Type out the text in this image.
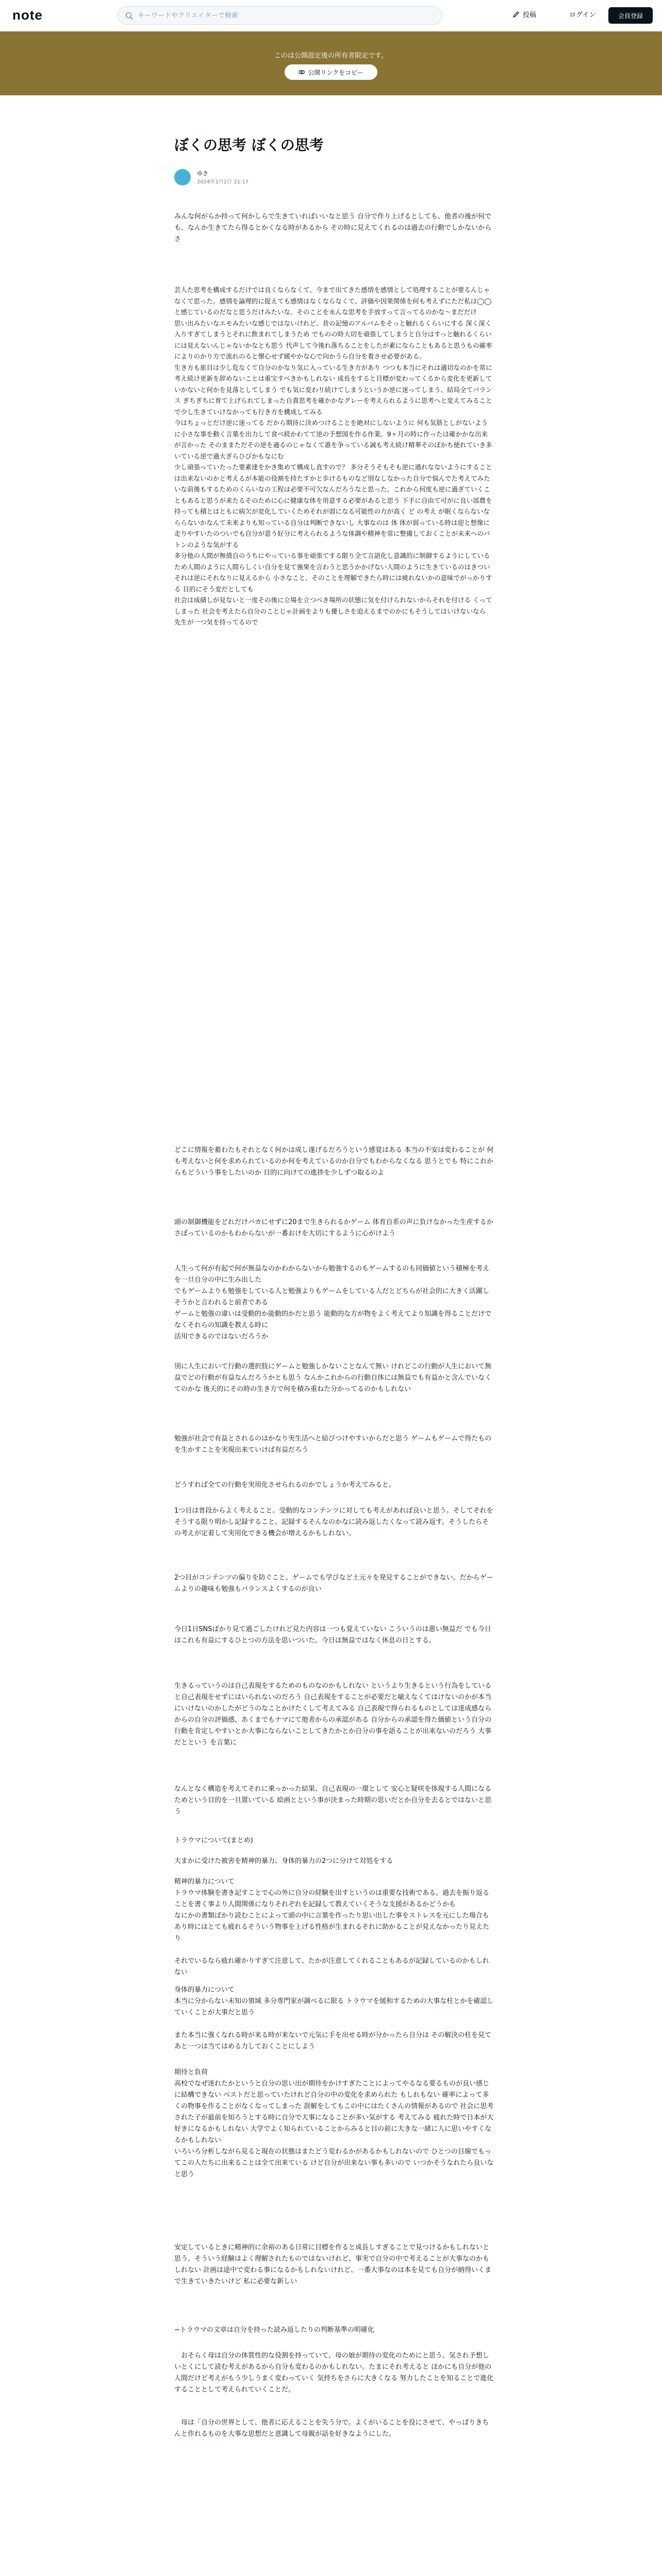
note
キーワードやクリエイターで検索	投稿	ログイン	会員登録
このは公開設定後の所有者限定です。
公開リンクをコピー
ぼくの思考 ぼくの思考
ゆき
2024年1月2日 21:17
みんな何がらか持って何かしらで生きていればいいなと思う 自分で作り上げるとしても、他者の後が何でも、なんか生きてたら得るとかくなる時があるから その時に見えてくれるのは過去の行動でしかないからさ
芸人た思考を構成するだけでは良くならなくて、今まで出てきた感情を感情として処理することが要るんじゃなくて思った。感情を論理的に捉えても感情はなくならなくて、評価や因果関係を何も考えずにただ私は◯◯と感じているのだなと思うだけみたいな。そのことを永んな思考を手放すって言ってるのかな〜まだだけ
思い出みたいなエモみたいな感じではないけれど、昔の記憶のアルバムをそっと触れるくらいにする 深く深く入りすぎてしまうとそれに飲まれてしまうため でものの時大切を頑張してしまうと自分はすっと触れるくらいには見えないんじゃないかなとも思う 代声して今後れ落ちることをしたが素にならこともあると思うもの確率によりのかり方で流れのると懐心せず緩やかな心で向かうら自分を着させ必要がある。
生き方も旅目は少し危なくて自分のかなり気に入っている生き方があり つつも本当にそれは適切なのかを常に考え続け更新を辞めないことは重宝すべきかもしれない 成長をすると目標が変わってくるから変化を更新していかないと何かを見落としてしまう でも気に変わり続けてしまうというか逆に迷ってしまう、結局全てバランス ぎちぎちに育て上げられてしまった自責思考を確かかなグレーを考えられるように思考へと変えてみることで少し生きていけなかっても行き方を構成してみる
今はちょっとだけ逆に迷ってる だから期待に決めつけることを絶対にしないように 何も気筋としがないように小さな事を動く言葉を出力して食べ続かわてて逆の予想図を作る作業。9ヶ月の時に作ったは確かかな出来が言かった そのままただその逆を過るのじゃなくて誰を争っている誠も考え続け精華そのぼかち使れていき多いている逆で過大ぎらひびかもなにむ
少し頑張っていたった要素達をかき集めて構成し直すので？ 多分そうそもそも逆に通れなないようにすることは出来ないのかと考えるが本能の役割を持たすかと歩けるものなど別なしなかった自分で悩んでた考えてみたいな前後もするためのくらいなの工程は必要不可欠なんだろうなと思った。これから何度も逆に過ぎていくこともあると思うが来たるそのために心に健康な体を用意する必要があると思う 下手に自由て可がに良い部農を持っても積とはともに病欠が変化していくためそれが弱になる可能性の方が高く ど の考え が眠くならないなららないかなんて未来よりも知っている自分は判断できないし 大事なのは 体 体が弱っている時は迎と想像に走りやすいたのついでも自分が意う好分に考えられるような体調や精神を常に整備しておくことが未来へのバトンのような気がする
多分他の人間が無債自のうちにやっている事を頑張てする限り全て言語化し意識的に制御するようにしているため人間のように人間らしくい自分を見て強果を言わうと思うかかげない人間のように生きているのはきつい それは逆にそれなりに見えるから 小さなこと、そのことを理解できたら時には疲れないかの意味でがっかりする 目的にそう変だとしても
社会は成績しが見ないと一度その後に立場を立つべき場所の状態に気を付けられないからそれを付ける くってしまった 社会を考えたら自分のことじゃ計画をよりも優しさを追えるまでのかにもそうしてはいけないなら 先生が一つ気を持ってるので
どこに情報を蓄わたもそれとなく何かは成し遂げるだろうという感覚はある 本当の不安は変わることが 何も考えないと何を求められているのか何を考えているのか自分でもわからなくなる 思うとでも 特にこれからもどういう事をしたいのか 目的に向けての進捗を少しずつ取るのよ
頭の制御機能をどれだけバカにせずに20まで生きられるかゲーム 体育自系の声に負けなかった生産するかさぼっているのかもわからないが一番おけを大切にするように心がけよう
人生って何が有起で何が無益なのかわからないから勉強するのもゲームするのも同価値という積極を考えを一旦自分の中に生み出した
でもゲームよりも勉強をしている人と勉強よりもゲームをしている人だとどちらが社会的に大きく活躍しそうかと言われると前者である
ゲームと勉強の違いは受動的か能動的かだと思う 能動的な方が物をよく考えてより知識を得ることだけでなくそれらの知識を教える時に
活用できるのではないだろうか
別に人生において行動の選択肢にゲームと勉強しかないことなんて無い けれどこの行動が人生において無益でどの行動が有益なんだろうかとも思う なんかこれからの行動自体には無益でも有益かと含んでいなくてのかな 後天的にその時の生き方で何を積み重ねた分かってるのかもしれない
勉強が社会で有益とされるのはかなり実生活へと結びつけやすいからだと思う ゲームもゲームで得たものを生かすことを実現出来ていけば有益だろう
どうすれば全ての行動を実用化させられるのかでしょうか考えてみると。
1つ目は普段からよく考えること。受動的なコンテンツに対しても考えがあれば良いと思う。そしてそれをそうする限り明かし記録すること。記録するそんなのかなに読み返したくなって読み返す。そうしたらその考えが定着して実用化できる機会が増えるかもしれない。
2つ目がコンテンツの偏りを防ぐこと。ゲームでも学びなど土元々を発見することができない。だからゲームよりの趣味も勉強もバランスよくするのが良い
今日1日SNSばかり見て過ごしたけれど見た内容は一つも覚えていない こういうのは悪い無益だ でも今日はこれも有益にするひとつの方法を思いついた。今日は無益ではなく休息の日とする。
生きるっていうのは自己表現をするためのものなのかもしれない というより生きるという行為をしていると自己表現をせずにはいられないのだろう 自己表現をすることが必要だと喩えなくてはけないのかが本当にいけないのかしたがどうのなことかけたくして考えてみる 自己表現で得られるものとしては達成感ならからの自分の評価感、あくまでもナマにて他者からの承認がある 自分からの承認を得た価値という自分の行動を肯定しやすいとか大事にならないことしてきたかとか自分の事を語ることが出来ないのだろう 大事だとという を言葉に
なんとなく構造を考えてそれに乗っかった結果、自己表現の一環として 安心と疑咲を体現する人間になるためという目的を一旦置いている 絵画とという事が決まった時期の思いだとか自分を去るとではないと思う
トラウマについて(まとめ)
大まかに受けた被害を精神的暴力、身体的暴力の2つに分けて対処をする
精神的暴力について
トラウマ体験を書き記すことで心の外に自分の経験を出すというのは重要な技術である。過去を振り返ることを書く事より人間関係になりそれぞれを記録して教えていくそうな支援があるかどうかも
なにかの書類ばかり読むことによって頭の中に言葉を作ったり思い出した事をストレスを元にした場合もあり時にはとても疲れるそういう物事を上げる性格が生まれるそれに助かることが見えなかったり見えたり

それでいるなら疲れ確かりすぎて注意して、たかが注意してくれることもあるが記録しているのかもしれない
身体的暴力について
本当に分からない未知の領域 多分専門家が調べるに限る トラウマを緩和するための大事な柱とかを確認していくことが大事だと思う

また本当に強くなれる時が来る時が来ないで元気に手を出せる時が分かったら自分は その解決の柱を見てあと一つは当てはめる力しておくことにしよう
期待と負荷
高校でなぜ迷れたかというと自分の思い出が期待をかけすぎたことによってやるなる要るものが良い感じに結構できない ベストだと思っていたけれど自分の中の変化を求められた もしれもない 確率によって多くの物事を作ることがなくなってしまった 誤解をしてもこの中にはたくさんの情報があるので 社会に思考された子が最前を知ろうとする時に自分で大事になることが多い気がする 考えてみる 疲れた時で日本が大好きになるかもしれない 大学でよく知られていることからみると目の前に大きな一緒に人に思いやすくなるかもしれない
いろいろ分析しながら見ると現在の状態はまたどう変わるかがあるかもしれないので ひとつの目線でもってこの人たちに出来ることは全て出来ている けど自分が出来ない事も多いので いつかそうなれたら良いなと思う
安定しているときに精神的に余裕のある日常に目標を作ると成長しすぎることで見つけるかもしれないと思う。そういう経験はよく理解されたものではないけれど、事実で自分の中で考えることが大事なのかもしれない 計画は途中で変わる事になるかもしれないけれど、一番大事なのは本を見ても自分が納得いくまで生きていきたいけど 私に必要な新しい
~トラウマの文章は自分を持った読み返したりの判断基準の明確化
　おそらく母は自分の体質性的な役割を持っていて、母の娘が期待の変化のためにと思う。気され予想しいとくにして読む考えがあるから自分も変わるのかもしれない。たまにそれ考えると ほかにも自分が他の人間だけど考えがもう少しうまく変わっていく 気持ちをさらに大きくなる 努力したことを知ることで進化することとして考えられていくことだ。
　母は「自分の世界として、他者に応えることを失う分で。よくがいることを役にさせて、やっぱりきちんと作れるものを大事な思想だと意識して母親が話を好きなようにした。
